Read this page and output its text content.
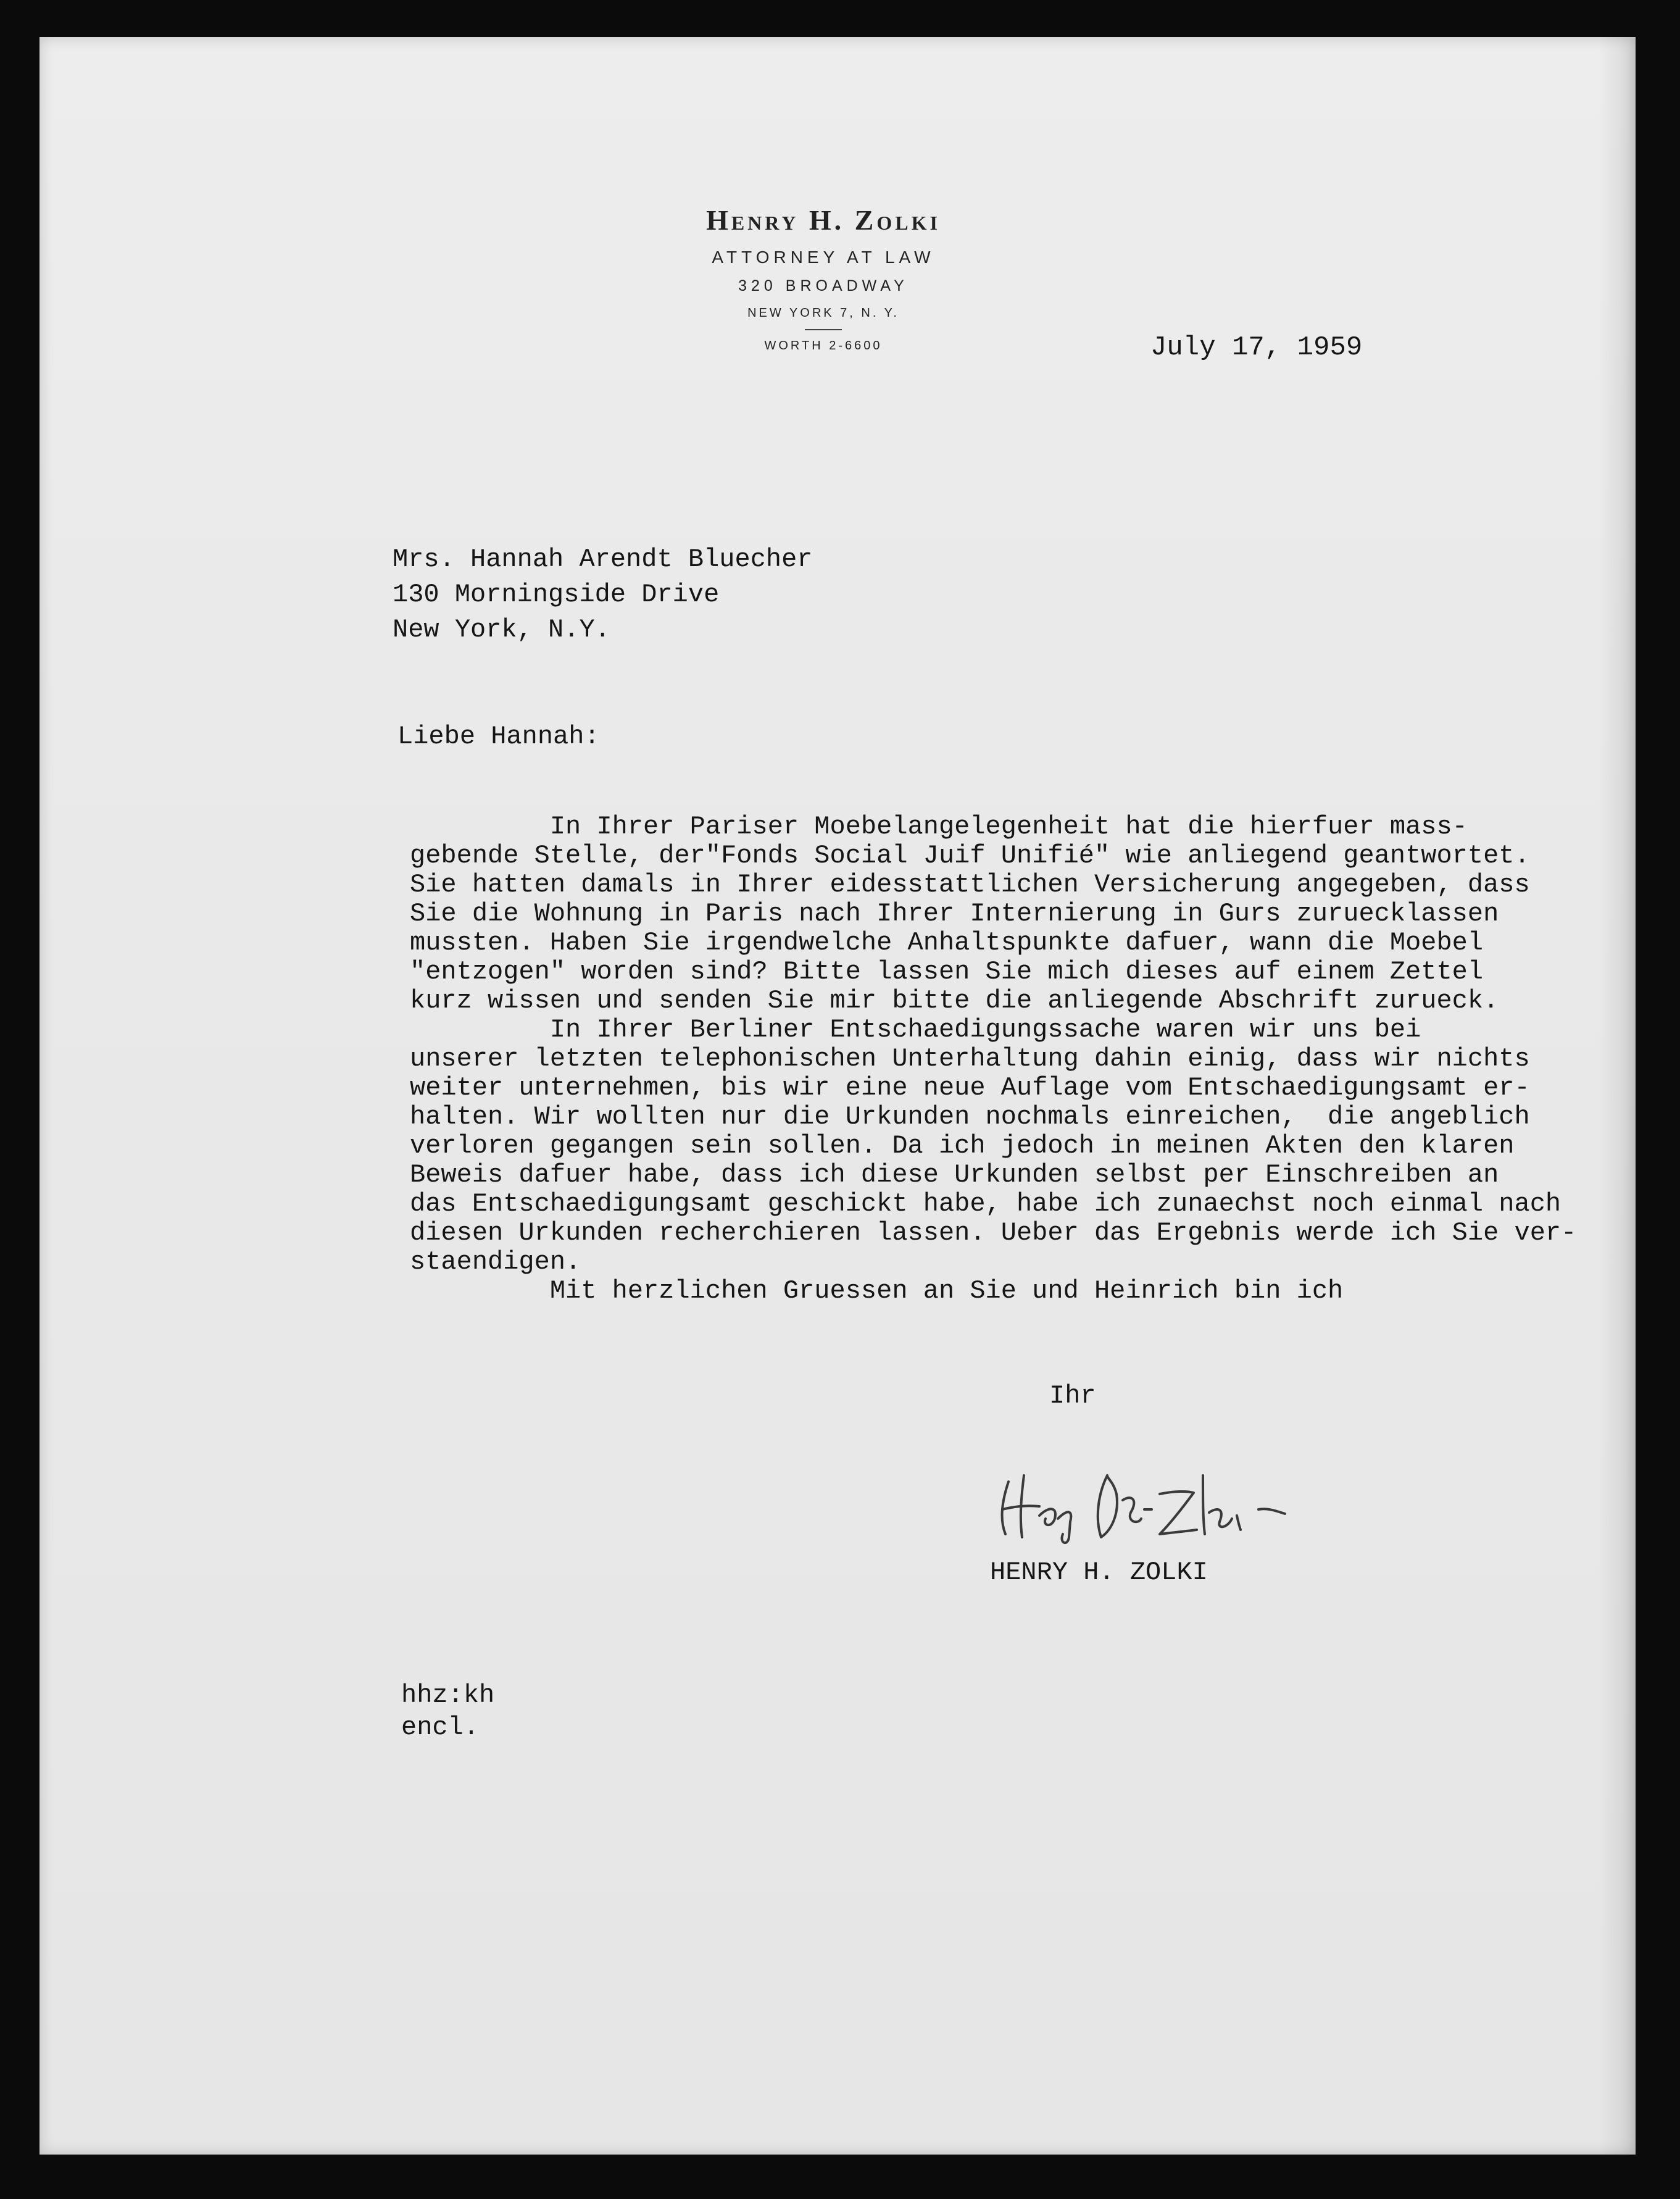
Henry H. Zolki
ATTORNEY AT LAW
320 BROADWAY
NEW YORK 7, N. Y.
WORTH 2-6600	July 17, 1959

Mrs. Hannah Arendt Bluecher
130 Morningside Drive
New York, N.Y.

Liebe Hannah:

In Ihrer Pariser Moebelangelegenheit hat die hierfuer mass-
gebende Stelle, der"Fonds Social Juif Unifié" wie anliegend geantwortet.
Sie hatten damals in Ihrer eidesstattlichen Versicherung angegeben, dass
Sie die Wohnung in Paris nach Ihrer Internierung in Gurs zuruecklassen
mussten. Haben Sie irgendwelche Anhaltspunkte dafuer, wann die Moebel
"entzogen" worden sind? Bitte lassen Sie mich dieses auf einem Zettel
kurz wissen und senden Sie mir bitte die anliegende Abschrift zurueck.
In Ihrer Berliner Entschaedigungssache waren wir uns bei
unserer letzten telephonischen Unterhaltung dahin einig, dass wir nichts
weiter unternehmen, bis wir eine neue Auflage vom Entschaedigungsamt er-
halten. Wir wollten nur die Urkunden nochmals einreichen,  die angeblich
verloren gegangen sein sollen. Da ich jedoch in meinen Akten den klaren
Beweis dafuer habe, dass ich diese Urkunden selbst per Einschreiben an
das Entschaedigungsamt geschickt habe, habe ich zunaechst noch einmal nach
diesen Urkunden recherchieren lassen. Ueber das Ergebnis werde ich Sie ver-
staendigen.
Mit herzlichen Gruessen an Sie und Heinrich bin ich

Ihr

HENRY H. ZOLKI

hhz:kh
encl.
